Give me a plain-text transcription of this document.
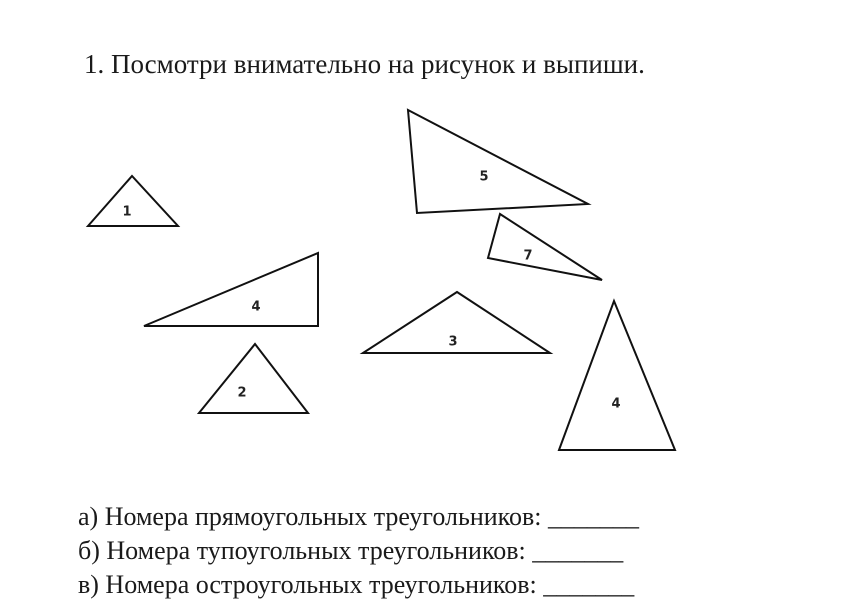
1. Посмотри внимательно на рисунок и выпиши.
1
5
7
4
3
2
4
а) Номера прямоугольных треугольников: _______
б) Номера тупоугольных треугольников: _______
в) Номера остроугольных треугольников: _______
